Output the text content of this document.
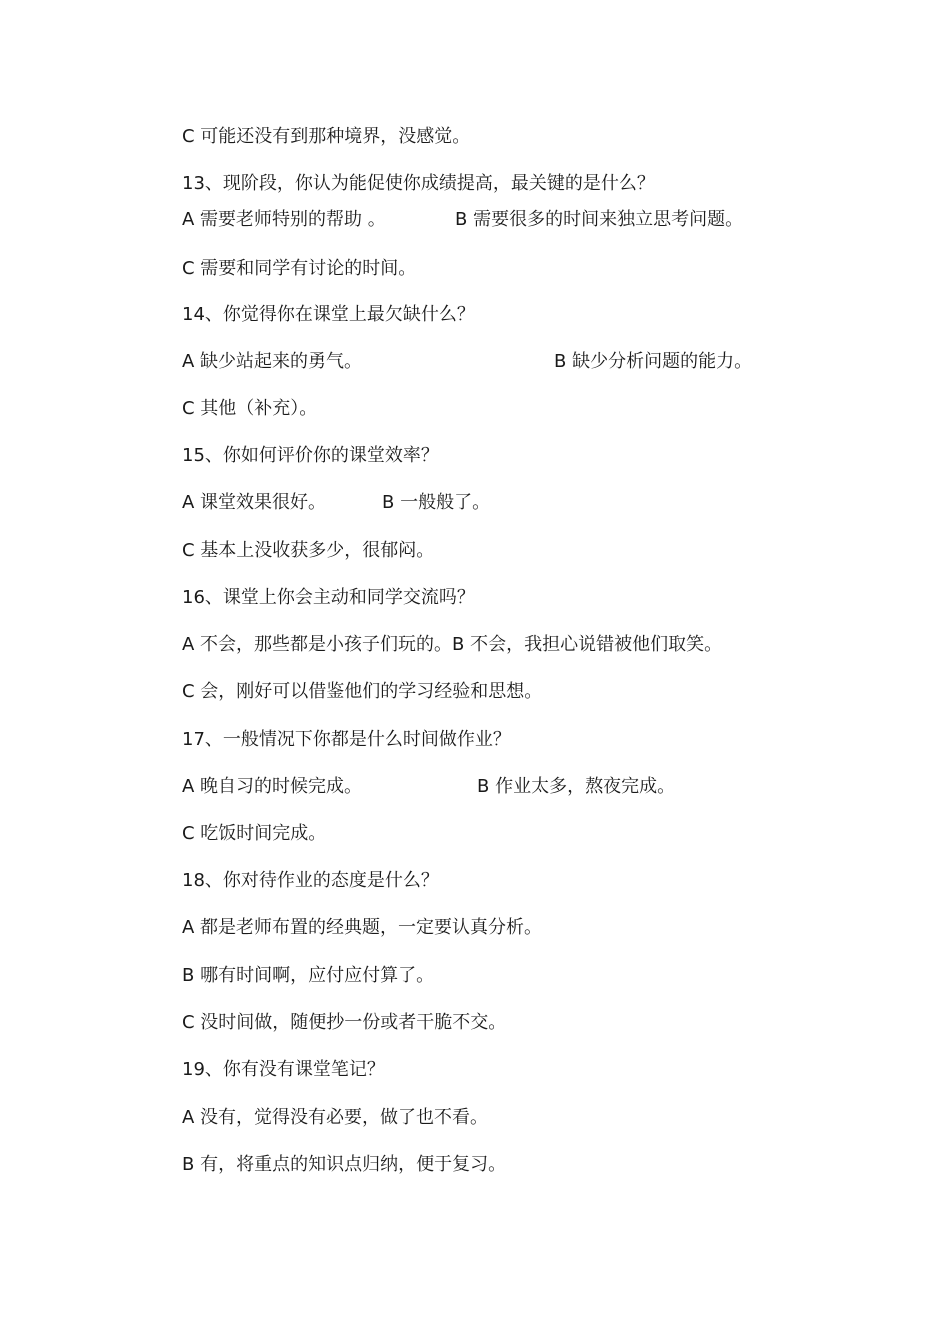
C 可能还没有到那种境界，没感觉。
13、现阶段，你认为能促使你成绩提高，最关键的是什么？
A 需要老师特别的帮助 。	B 需要很多的时间来独立思考问题。
C 需要和同学有讨论的时间。
14、你觉得你在课堂上最欠缺什么？
A 缺少站起来的勇气。	B 缺少分析问题的能力。
C 其他（补充）。
15、你如何评价你的课堂效率？
A 课堂效果很好。	B 一般般了。
C 基本上没收获多少，很郁闷。
16、课堂上你会主动和同学交流吗？
A 不会，那些都是小孩子们玩的。B 不会，我担心说错被他们取笑。
C 会，刚好可以借鉴他们的学习经验和思想。
17、一般情况下你都是什么时间做作业？
A 晚自习的时候完成。	B 作业太多，熬夜完成。
C 吃饭时间完成。
18、你对待作业的态度是什么？
A 都是老师布置的经典题，一定要认真分析。
B 哪有时间啊，应付应付算了。
C 没时间做，随便抄一份或者干脆不交。
19、你有没有课堂笔记？
A 没有，觉得没有必要，做了也不看。
B 有，将重点的知识点归纳，便于复习。
